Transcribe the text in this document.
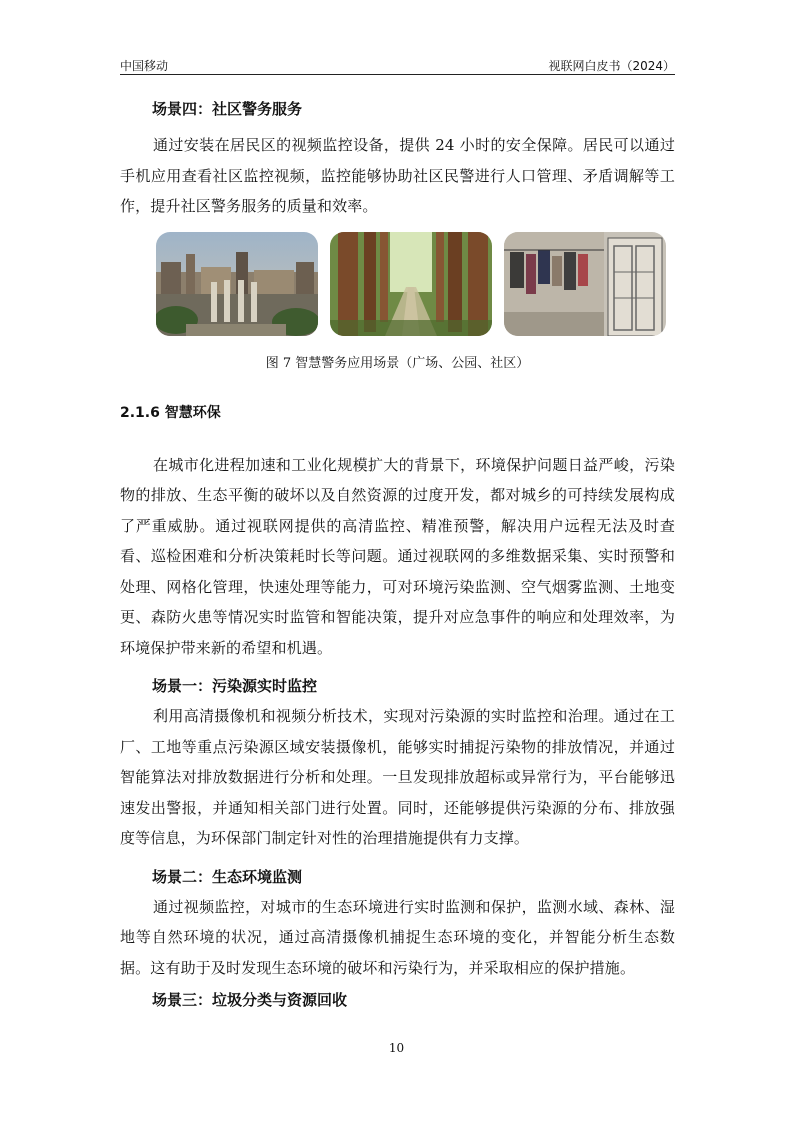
中国移动	视联网白皮书（2024）
场景四：社区警务服务

通过安装在居民区的视频监控设备，提供 24 小时的安全保障。居民可以通过手机应用查看社区监控视频，监控能够协助社区民警进行人口管理、矛盾调解等工作，提升社区警务服务的质量和效率。

图 7 智慧警务应用场景（广场、公园、社区）
2.1.6 智慧环保

在城市化进程加速和工业化规模扩大的背景下，环境保护问题日益严峻，污染物的排放、生态平衡的破坏以及自然资源的过度开发，都对城乡的可持续发展构成了严重威胁。通过视联网提供的高清监控、精准预警，解决用户远程无法及时查看、巡检困难和分析决策耗时长等问题。通过视联网的多维数据采集、实时预警和处理、网格化管理，快速处理等能力，可对环境污染监测、空气烟雾监测、土地变更、森防火患等情况实时监管和智能决策，提升对应急事件的响应和处理效率，为环境保护带来新的希望和机遇。

场景一：污染源实时监控

利用高清摄像机和视频分析技术，实现对污染源的实时监控和治理。通过在工厂、工地等重点污染源区域安装摄像机，能够实时捕捉污染物的排放情况，并通过智能算法对排放数据进行分析和处理。一旦发现排放超标或异常行为，平台能够迅速发出警报，并通知相关部门进行处置。同时，还能够提供污染源的分布、排放强度等信息，为环保部门制定针对性的治理措施提供有力支撑。

场景二：生态环境监测

通过视频监控，对城市的生态环境进行实时监测和保护，监测水域、森林、湿地等自然环境的状况，通过高清摄像机捕捉生态环境的变化，并智能分析生态数据。这有助于及时发现生态环境的破坏和污染行为，并采取相应的保护措施。

场景三：垃圾分类与资源回收
10
